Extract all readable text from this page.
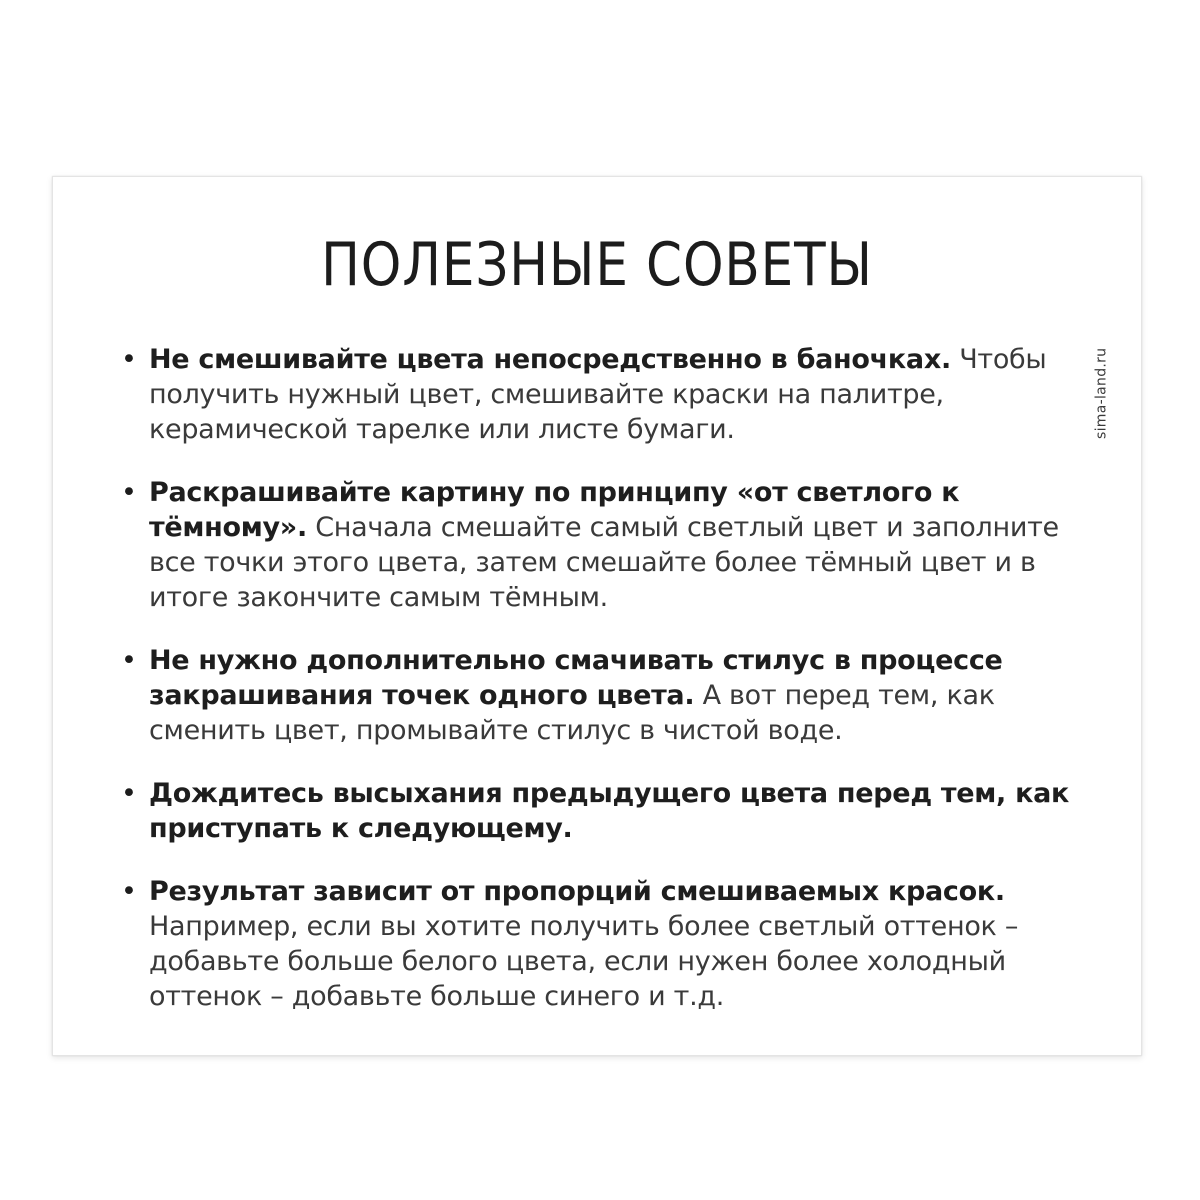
ПОЛЕЗНЫЕ СОВЕТЫ
• Не смешивайте цвета непосредственно в баночках. Чтобы получить нужный цвет, смешивайте краски на палитре, керамической тарелке или листе бумаги.
• Раскрашивайте картину по принципу «от светлого к тёмному». Сначала смешайте самый светлый цвет и заполните все точки этого цвета, затем смешайте более тёмный цвет и в итоге закончите самым тёмным.
• Не нужно дополнительно смачивать стилус в процессе закрашивания точек одного цвета. А вот перед тем, как сменить цвет, промывайте стилус в чистой воде.
• Дождитесь высыхания предыдущего цвета перед тем, как приступать к следующему.
• Результат зависит от пропорций смешиваемых красок. Например, если вы хотите получить более светлый оттенок – добавьте больше белого цвета, если нужен более холодный оттенок – добавьте больше синего и т.д.
sima-land.ru
